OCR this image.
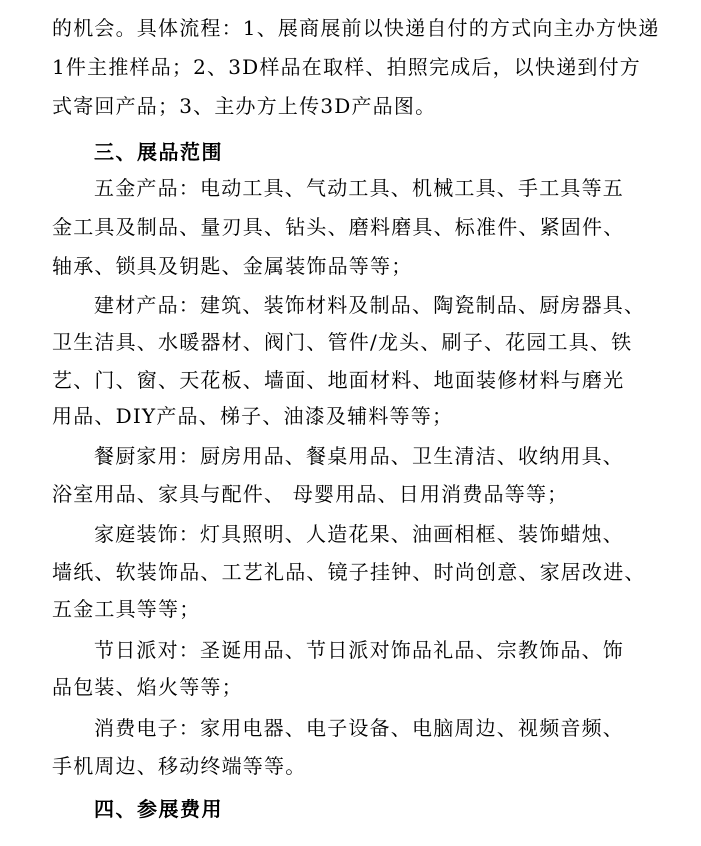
的机会。具体流程：1、展商展前以快递自付的方式向主办方快递
1件主推样品；2、3D样品在取样、拍照完成后，以快递到付方
式寄回产品；3、主办方上传3D产品图。
三、展品范围
五金产品：电动工具、气动工具、机械工具、手工具等五
金工具及制品、量刃具、钻头、磨料磨具、标准件、紧固件、
轴承、锁具及钥匙、金属装饰品等等；
建材产品：建筑、装饰材料及制品、陶瓷制品、厨房器具、
卫生洁具、水暖器材、阀门、管件/龙头、刷子、花园工具、铁
艺、门、窗、天花板、墙面、地面材料、地面装修材料与磨光
用品、DIY产品、梯子、油漆及辅料等等；
餐厨家用：厨房用品、餐桌用品、卫生清洁、收纳用具、
浴室用品、家具与配件、 母婴用品、日用消费品等等；
家庭装饰：灯具照明、人造花果、油画相框、装饰蜡烛、
墙纸、软装饰品、工艺礼品、镜子挂钟、时尚创意、家居改进、
五金工具等等；
节日派对：圣诞用品、节日派对饰品礼品、宗教饰品、饰
品包装、焰火等等；
消费电子：家用电器、电子设备、电脑周边、视频音频、
手机周边、移动终端等等。
四、参展费用
